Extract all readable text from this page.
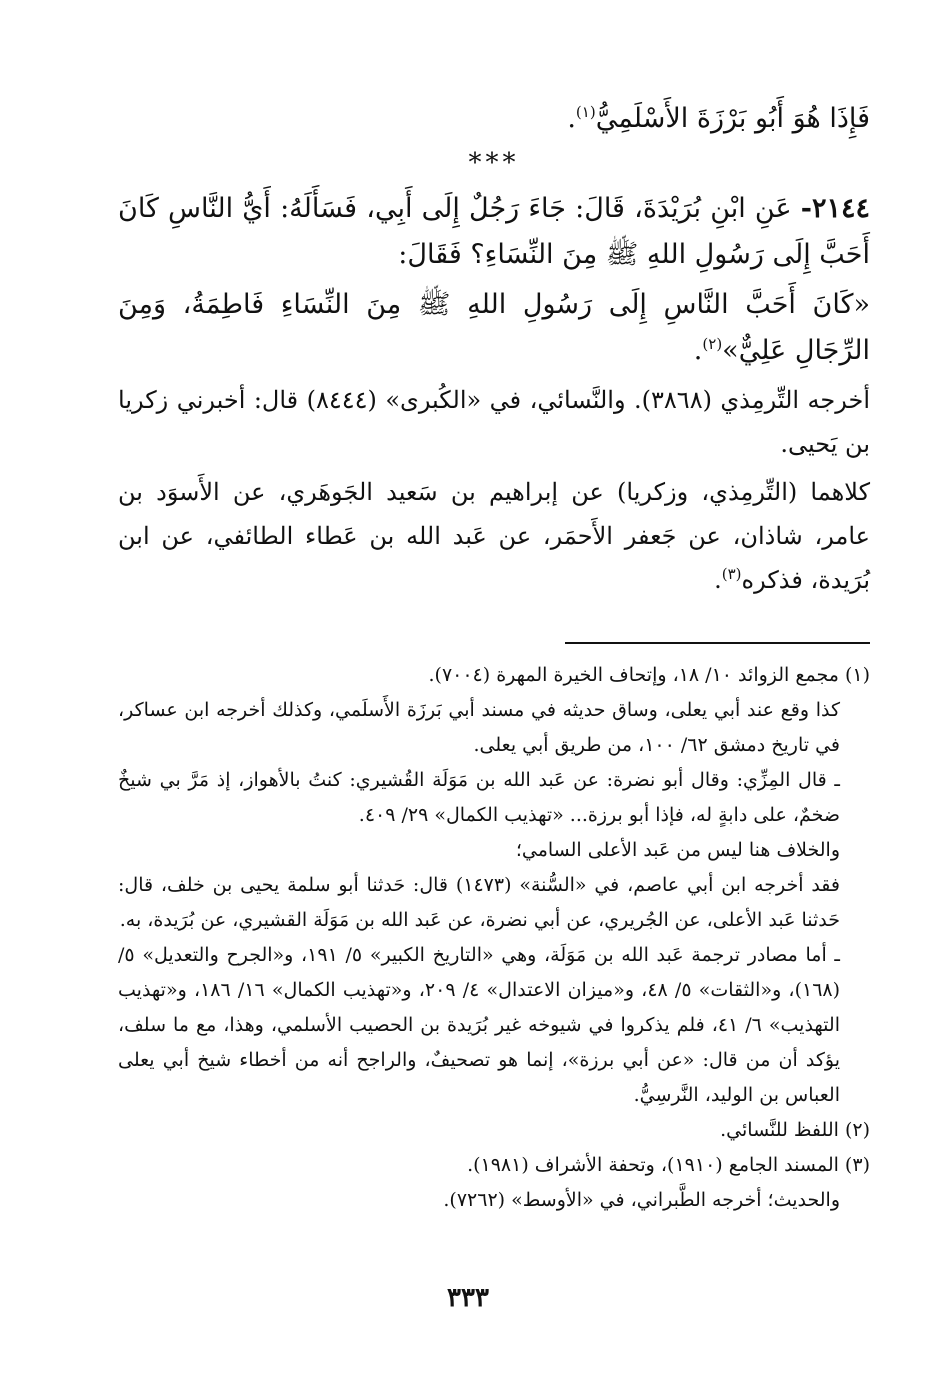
فَإِذَا هُوَ أَبُو بَرْزَةَ الأَسْلَمِيُّ$^{(١)}$.

***

٢١٤٤- عَنِ ابْنِ بُرَيْدَةَ، قَالَ: جَاءَ رَجُلٌ إِلَى أَبِي، فَسَأَلَهُ: أَيُّ النَّاسِ كَانَ أَحَبَّ إِلَى رَسُولِ اللهِ ﷺ مِنَ النِّسَاءِ؟ فَقَالَ:

«كَانَ أَحَبَّ النَّاسِ إِلَى رَسُولِ اللهِ ﷺ مِنَ النِّسَاءِ فَاطِمَةُ، وَمِنَ الرِّجَالِ عَلِيٌّ»$^{(٢)}$.

أخرجه التِّرمِذي (٣٨٦٨). والنَّسائي، في «الكُبرى» (٨٤٤٤) قال: أخبرني زكريا بن يَحيى.

كلاهما (التِّرمِذي، وزكريا) عن إبراهيم بن سَعيد الجَوهَري، عن الأَسوَد بن عامر، شاذان، عن جَعفر الأَحمَر، عن عَبد الله بن عَطاء الطائفي، عن ابن بُرَيدة، فذكره$^{(٣)}$.

(١) مجمع الزوائد ١٠/ ١٨، وإتحاف الخيرة المهرة (٧٠٠٤).

كذا وقع عند أبي يعلى، وساق حديثه في مسند أبي بَرزَة الأَسلَمي، وكذلك أخرجه ابن عساكر، في تاريخ دمشق ٦٢/ ١٠٠، من طريق أبي يعلى.

ـ قال المِزِّي: وقال أبو نضرة: عن عَبد الله بن مَوَلَة القُشيري: كنتُ بالأهواز، إذ مَرَّ بي شيخٌ ضخمٌ، على دابةٍ له، فإذا أبو برزة... «تهذيب الكمال» ٢٩/ ٤٠٩.

والخلاف هنا ليس من عَبد الأعلى السامي؛

فقد أخرجه ابن أبي عاصم، في «السُّنة» (١٤٧٣) قال: حَدثنا أبو سلمة يحيى بن خلف، قال: حَدثنا عَبد الأعلى، عن الجُريري، عن أبي نضرة، عن عَبد الله بن مَوَلَة القشيري، عن بُرَيدة، به.

ـ أما مصادر ترجمة عَبد الله بن مَوَلَة، وهي «التاريخ الكبير» ٥/ ١٩١، و«الجرح والتعديل» ٥/ (١٦٨)، و«الثقات» ٥/ ٤٨، و«ميزان الاعتدال» ٤/ ٢٠٩، و«تهذيب الكمال» ١٦/ ١٨٦، و«تهذيب التهذيب» ٦/ ٤١، فلم يذكروا في شيوخه غير بُرَيدة بن الحصيب الأسلمي، وهذا، مع ما سلف، يؤكد أن من قال: «عن أبي برزة»، إنما هو تصحيفٌ، والراجح أنه من أخطاء شيخ أبي يعلى العباس بن الوليد، النَّرسِيُّ.

(٢) اللفظ للنَّسائي.

(٣) المسند الجامع (١٩١٠)، وتحفة الأشراف (١٩٨١).

والحديث؛ أخرجه الطَّبراني، في «الأوسط» (٧٢٦٢).

٣٣٣
